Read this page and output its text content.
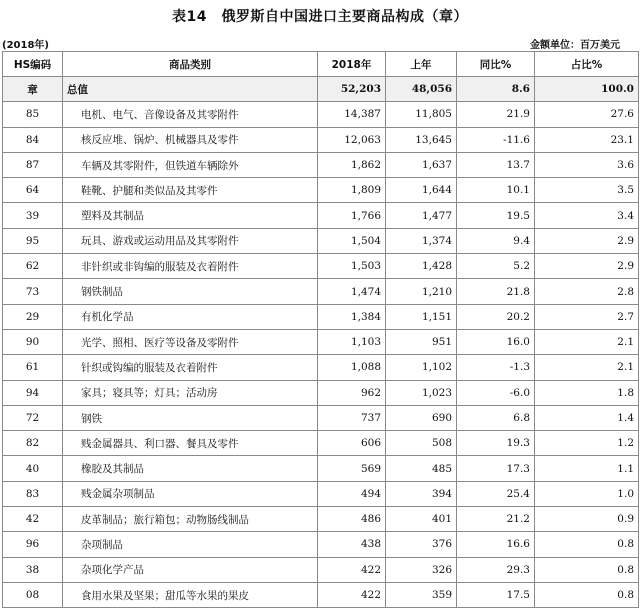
表14　俄罗斯自中国进口主要商品构成（章）
(2018年)	金额单位：百万美元
HS编码	商品类别	2018年	上年	同比%	占比%
章	总值	52,203	48,056	8.6	100.0
85	电机、电气、音像设备及其零附件	14,387	11,805	21.9	27.6
84	核反应堆、锅炉、机械器具及零件	12,063	13,645	-11.6	23.1
87	车辆及其零附件，但铁道车辆除外	1,862	1,637	13.7	3.6
64	鞋靴、护腿和类似品及其零件	1,809	1,644	10.1	3.5
39	塑料及其制品	1,766	1,477	19.5	3.4
95	玩具、游戏或运动用品及其零附件	1,504	1,374	9.4	2.9
62	非针织或非钩编的服装及衣着附件	1,503	1,428	5.2	2.9
73	钢铁制品	1,474	1,210	21.8	2.8
29	有机化学品	1,384	1,151	20.2	2.7
90	光学、照相、医疗等设备及零附件	1,103	951	16.0	2.1
61	针织或钩编的服装及衣着附件	1,088	1,102	-1.3	2.1
94	家具；寝具等；灯具；活动房	962	1,023	-6.0	1.8
72	钢铁	737	690	6.8	1.4
82	贱金属器具、利口器、餐具及零件	606	508	19.3	1.2
40	橡胶及其制品	569	485	17.3	1.1
83	贱金属杂项制品	494	394	25.4	1.0
42	皮革制品；旅行箱包；动物肠线制品	486	401	21.2	0.9
96	杂项制品	438	376	16.6	0.8
38	杂项化学产品	422	326	29.3	0.8
08	食用水果及坚果；甜瓜等水果的果皮	422	359	17.5	0.8
